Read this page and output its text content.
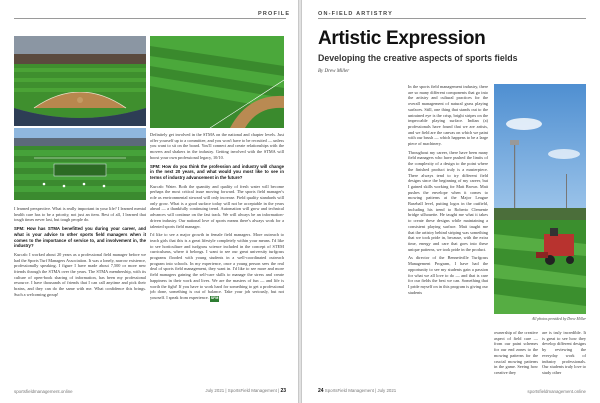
PROFILE

I learned perspective. What is really important in your life? I learned mental health care has to be a priority, not just an item. Best of all, I learned that tough times never last, but tough people do.

SFM: How has STMA benefitted you during your career, and what is your advice to other sports field managers when it comes to the importance of service to, and involvement in, the industry?

Kurcab: I worked about 20 years as a professional field manager before we had the Sports Turf Managers Association. It was a lonely, narrow existence, professionally speaking. I figure I have made about 7,500 or more new friends through the STMA over the years. The STMA membership, with its culture of open-book sharing of information, has been my professional resource. I have thousands of friends that I can call anytime and pick their brains, and they can do the same with me. What confidence this brings. Such a welcoming group!

Definitely get involved in the STMA on the national and chapter levels. Just offer yourself up to a committee, and you won't have to be recruited — unless you want to sit on the board. You'll connect and create relationships with the movers and shakers in the industry. Getting involved with the STMA will boost your own professional legacy, 10/10.

SFM: How do you think the profession and industry will change in the next 20 years, and what would you most like to see in terms of industry advancement in the future?

Kurcab: Water. Both the quantity and quality of fresh water will become perhaps the most critical issue moving forward. The sports field manager's role as environmental steward will only increase. Field quality standards will only grow. What is a good surface today will not be acceptable in the years ahead — a thankfully continuing trend. Automation will grow and technical advances will continue on the fast track. We will always be an information-driven industry. Our national love of sports means there's always work for a talented sports field manager.

I'd like to see a major growth in female field managers. More outreach to teach girls that this is a great lifestyle completely within your means. I'd like to see horticulture and turfgrass science included in the concept of STEM curriculums, where it belongs. I want to see our great university turfgrass programs flooded with young students in a well-coordinated outreach program into schools. In my experience, once a young person sees the real deal of sports field management, they want in. I'd like to see more and more field managers gaining the self-care skills to manage the stress and create happiness in their work and lives. We are the masters of fun — and life is worth the fight! If you have to work hard for something to get a professional job done, something is out of balance. Take your job seriously, but not yourself. I speak from experience. SFM

sportsfieldmanagement.online	July 2021 | SportsField Management | 23
ON-FIELD ARTISTRY
Artistic Expression
Developing the creative aspects of sports fields
By Drew Miller

In the sports field management industry, there are so many different components that go into the artistry and cultural practices for the overall management of natural grass playing surfaces. Still, one thing that stands out to the untrained eye is the crisp, bright stripes on the impeccable playing surface. Indian (a) professionals have found that we are artists, and we field are the canvas on which we paint with our brush — which happens to be a large piece of machinery.

Throughout my career, there have been many field managers who have pushed the limits of the complexity of a design to the point where the finished product truly is a masterpiece. There always tend to try different field designs since the beginning of my career, but I gained skills working for Matt Brown. Matt pushes the envelope when it comes to mowing patterns at the Major League Baseball level, putting logos in the outfield, including his trend to Roberto Clemente bridge silhouette. He taught me what it takes to create these designs while maintaining a consistent playing surface. Matt taught me that the artistry behind striping was something that we took pride in, because, with the extra time, energy and care that goes into these unique patterns, we took pride in the product.

As director of the Bennettville Turfgrass Management Program, I have had the opportunity to see my students gain a passion for what we all love to do — and that is care for our fields the best we can. Something that I pride myself on in this program is giving our students

All photos provided by Drew Miller

ownership of the creative aspect of field care — from our paint schemes for our end zones to the mowing patterns for the crucial mowing patterns in the game. Seeing how creative they

are is truly incredible. It is great to see how they develop different designs by reviewing the everyday work of industry professionals. Our students truly love to study other

24 SportsField Management | July 2021	sportsfieldmanagement.online
